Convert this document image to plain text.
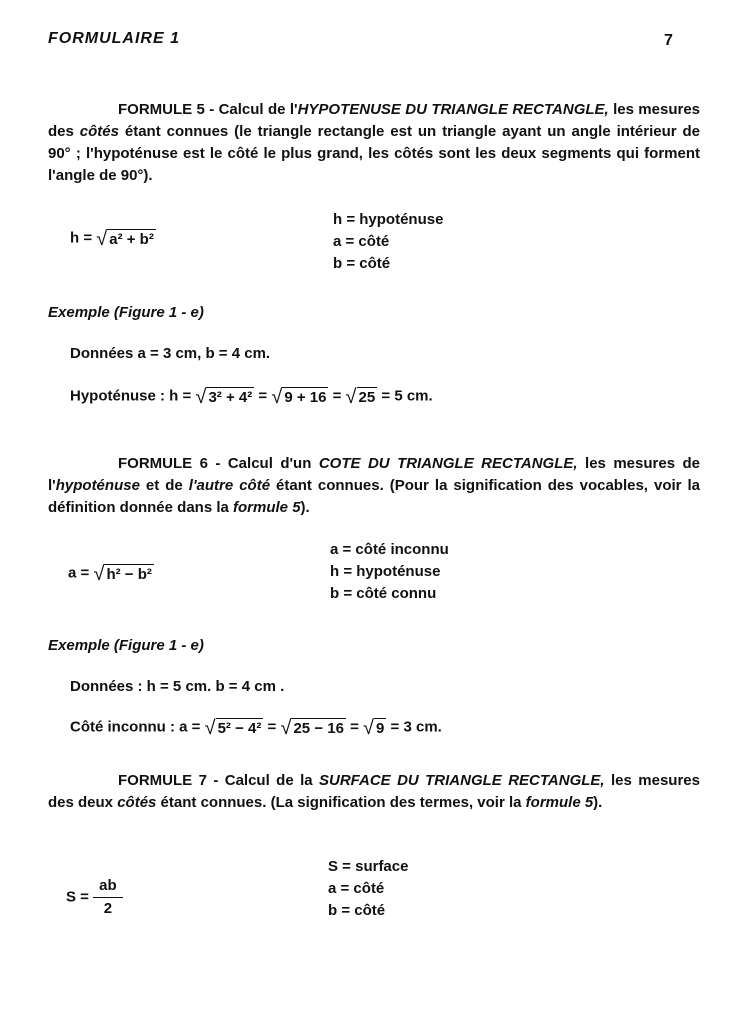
FORMULAIRE 1	7
FORMULE 5 - Calcul de l'HYPOTENUSE DU TRIANGLE RECTANGLE, les mesures des côtés étant connues (le triangle rectangle est un triangle ayant un angle intérieur de 90° ; l'hypoténuse est le côté le plus grand, les côtés sont les deux segments qui forment l'angle de 90°).
h = √ a² + b²
h = hypoténuse
a = côté
b = côté
Exemple (Figure 1 - e)
Données a = 3 cm, b = 4 cm.
Hypoténuse : h = √ 3² + 4² = √ 9 + 16 = √ 25 = 5 cm.
FORMULE 6 - Calcul d'un COTE DU TRIANGLE RECTANGLE, les mesures de l'hypoténuse et de l'autre côté étant connues. (Pour la signification des vocables, voir la définition donnée dans la formule 5).
a = √ h² − b²
a = côté inconnu
h = hypoténuse
b = côté connu
Exemple (Figure 1 - e)
Données : h = 5 cm. b = 4 cm .
Côté inconnu : a = √ 5² − 4² = √ 25 − 16 = √ 9 = 3 cm.
FORMULE 7 - Calcul de la SURFACE DU TRIANGLE RECTANGLE, les mesures des deux côtés étant connues. (La signification des termes, voir la formule 5).
$S = \frac{ab}{2}$
S = surface
a = côté
b = côté
